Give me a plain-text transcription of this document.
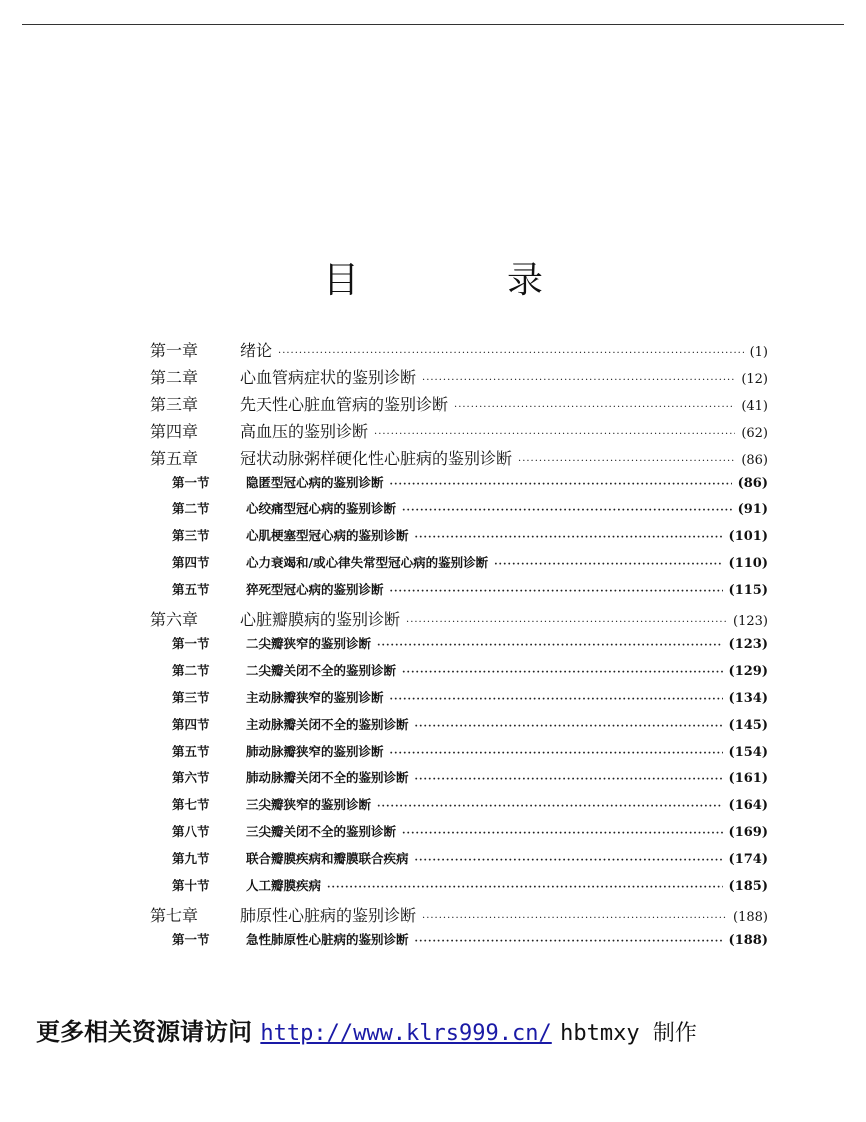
目　录
第一章	绪论 ·····	(1)
第二章	心血管病症状的鉴别诊断 ·····	(12)
第三章	先天性心脏血管病的鉴别诊断 ·····	(41)
第四章	高血压的鉴别诊断 ·····	(62)
第五章	冠状动脉粥样硬化性心脏病的鉴别诊断 ·····	(86)
第一节	隐匿型冠心病的鉴别诊断 ·····	(86)
第二节	心绞痛型冠心病的鉴别诊断 ·····	(91)
第三节	心肌梗塞型冠心病的鉴别诊断 ·····	(101)
第四节	心力衰竭和/或心律失常型冠心病的鉴别诊断 ·····	(110)
第五节	猝死型冠心病的鉴别诊断 ·····	(115)
第六章	心脏瓣膜病的鉴别诊断 ·····	(123)
第一节	二尖瓣狭窄的鉴别诊断 ·····	(123)
第二节	二尖瓣关闭不全的鉴别诊断 ·····	(129)
第三节	主动脉瓣狭窄的鉴别诊断 ·····	(134)
第四节	主动脉瓣关闭不全的鉴别诊断 ·····	(145)
第五节	肺动脉瓣狭窄的鉴别诊断 ·····	(154)
第六节	肺动脉瓣关闭不全的鉴别诊断 ·····	(161)
第七节	三尖瓣狭窄的鉴别诊断 ·····	(164)
第八节	三尖瓣关闭不全的鉴别诊断 ·····	(169)
第九节	联合瓣膜疾病和瓣膜联合疾病 ·····	(174)
第十节	人工瓣膜疾病 ·····	(185)
第七章	肺原性心脏病的鉴别诊断 ·····	(188)
第一节	急性肺原性心脏病的鉴别诊断 ·····	(188)
更多相关资源请访问 http://www.klrs999.cn/ hbtmxy 制作
